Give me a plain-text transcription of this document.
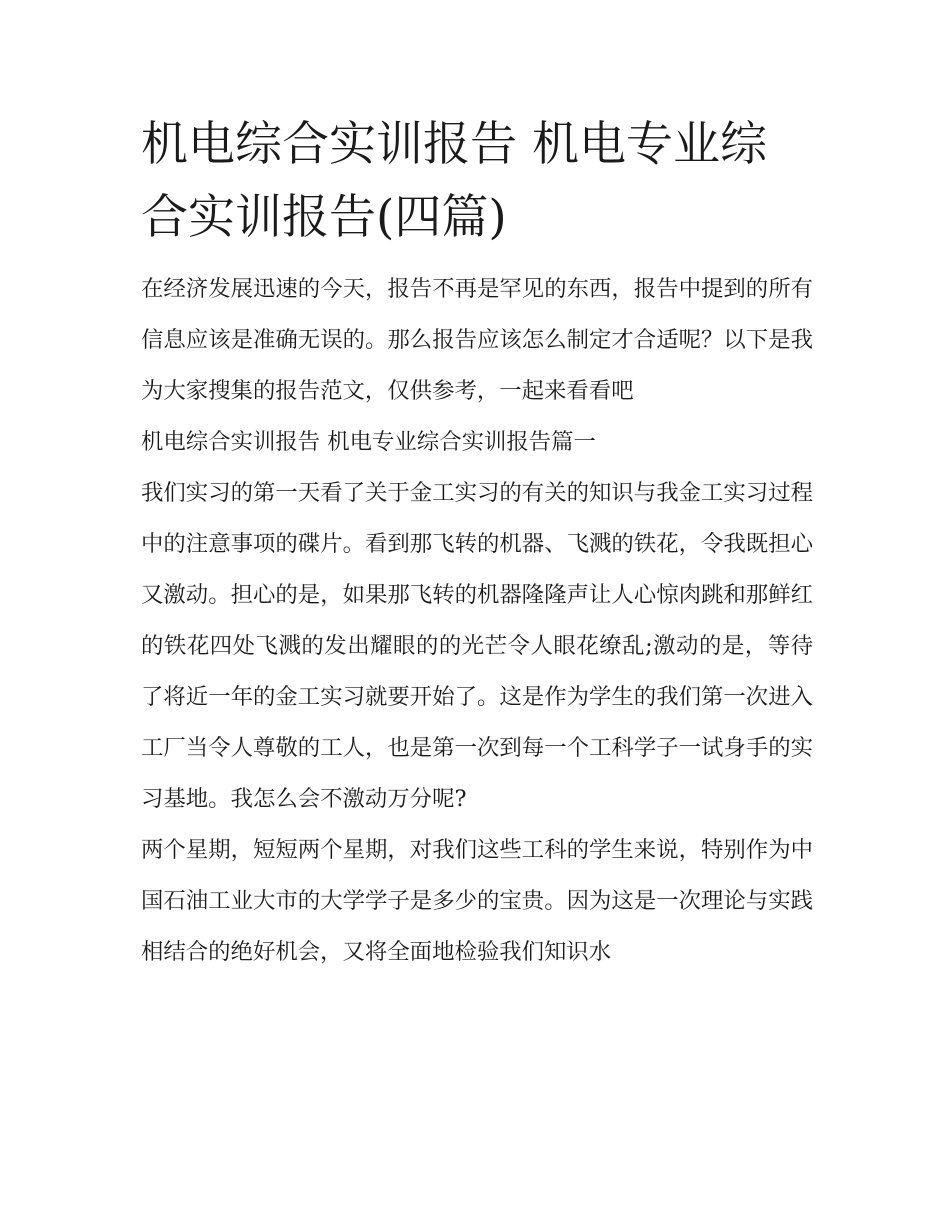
机电综合实训报告 机电专业综合实训报告(四篇)

在经济发展迅速的今天，报告不再是罕见的东西，报告中提到的所有信息应该是准确无误的。那么报告应该怎么制定才合适呢？以下是我为大家搜集的报告范文，仅供参考，一起来看看吧

机电综合实训报告 机电专业综合实训报告篇一

我们实习的第一天看了关于金工实习的有关的知识与我金工实习过程中的注意事项的碟片。看到那飞转的机器、飞溅的铁花，令我既担心又激动。担心的是，如果那飞转的机器隆隆声让人心惊肉跳和那鲜红的铁花四处飞溅的发出耀眼的的光芒令人眼花缭乱;激动的是，等待了将近一年的金工实习就要开始了。这是作为学生的我们第一次进入工厂当令人尊敬的工人，也是第一次到每一个工科学子一试身手的实习基地。我怎么会不激动万分呢?

两个星期，短短两个星期，对我们这些工科的学生来说，特别作为中国石油工业大市的大学学子是多少的宝贵。因为这是一次理论与实践相结合的绝好机会，又将全面地检验我们知识水
